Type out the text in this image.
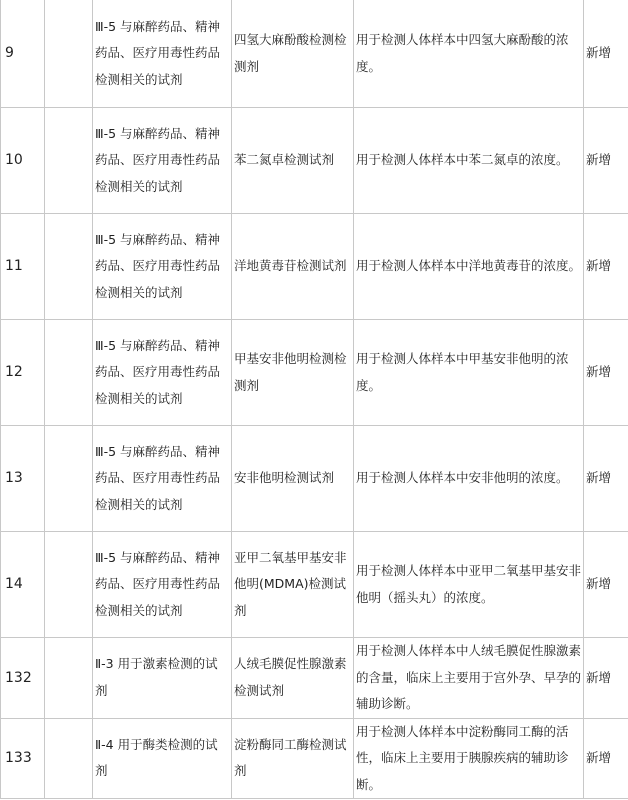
9		Ⅲ-5 与麻醉药品、精神药品、医疗用毒性药品检测相关的试剂	四氢大麻酚酸检测检测剂	用于检测人体样本中四氢大麻酚酸的浓度。	新增
10		Ⅲ-5 与麻醉药品、精神药品、医疗用毒性药品检测相关的试剂	苯二氮卓检测试剂	用于检测人体样本中苯二氮卓的浓度。	新增
11		Ⅲ-5 与麻醉药品、精神药品、医疗用毒性药品检测相关的试剂	洋地黄毒苷检测试剂	用于检测人体样本中洋地黄毒苷的浓度。	新增
12		Ⅲ-5 与麻醉药品、精神药品、医疗用毒性药品检测相关的试剂	甲基安非他明检测检测剂	用于检测人体样本中甲基安非他明的浓度。	新增
13		Ⅲ-5 与麻醉药品、精神药品、医疗用毒性药品检测相关的试剂	安非他明检测试剂	用于检测人体样本中安非他明的浓度。	新增
14		Ⅲ-5 与麻醉药品、精神药品、医疗用毒性药品检测相关的试剂	亚甲二氧基甲基安非他明(MDMA)检测试剂	用于检测人体样本中亚甲二氧基甲基安非他明（摇头丸）的浓度。	新增
132		Ⅱ-3 用于激素检测的试剂	人绒毛膜促性腺激素检测试剂	用于检测人体样本中人绒毛膜促性腺激素的含量，临床上主要用于宫外孕、早孕的辅助诊断。	新增
133		Ⅱ-4 用于酶类检测的试剂	淀粉酶同工酶检测试剂	用于检测人体样本中淀粉酶同工酶的活性，临床上主要用于胰腺疾病的辅助诊断。	新增
